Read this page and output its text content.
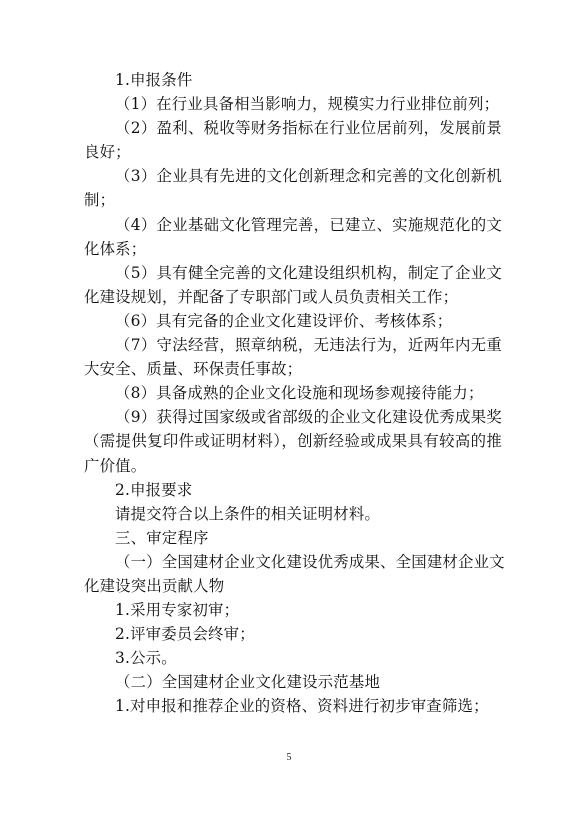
1.申报条件
（1）在行业具备相当影响力，规模实力行业排位前列；
（2）盈利、税收等财务指标在行业位居前列，发展前景
良好；
（3）企业具有先进的文化创新理念和完善的文化创新机
制；
（4）企业基础文化管理完善，已建立、实施规范化的文
化体系；
（5）具有健全完善的文化建设组织机构，制定了企业文
化建设规划，并配备了专职部门或人员负责相关工作；
（6）具有完备的企业文化建设评价、考核体系；
（7）守法经营，照章纳税，无违法行为，近两年内无重
大安全、质量、环保责任事故；
（8）具备成熟的企业文化设施和现场参观接待能力；
（9）获得过国家级或省部级的企业文化建设优秀成果奖
（需提供复印件或证明材料），创新经验或成果具有较高的推
广价值。
2.申报要求
请提交符合以上条件的相关证明材料。
三、审定程序
（一）全国建材企业文化建设优秀成果、全国建材企业文
化建设突出贡献人物
1.采用专家初审；
2.评审委员会终审；
3.公示。
（二）全国建材企业文化建设示范基地
1.对申报和推荐企业的资格、资料进行初步审查筛选；
5
